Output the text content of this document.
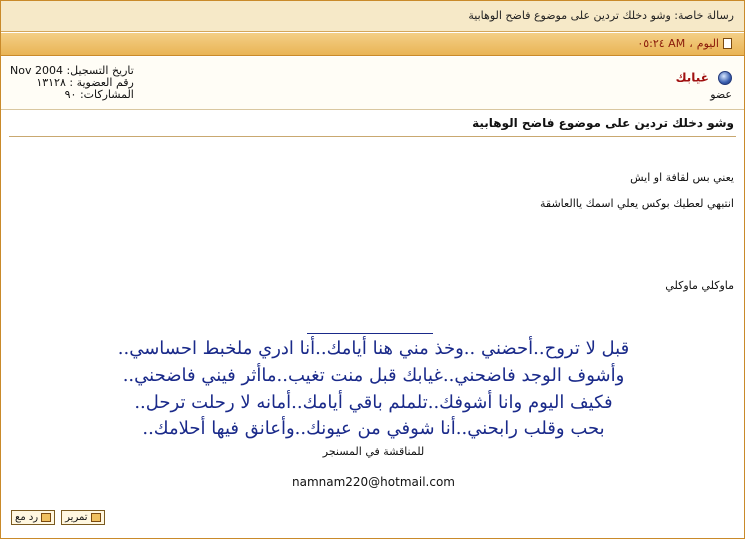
رسالة خاصة: وشو دخلك تردين على موضوع فاضح الوهابية
اليوم
،
٠٥:٢٤ AM
غيابك
عضو
تاريخ التسجيل: Nov 2004
رقم العضوية : ١٣١٢٨
المشاركات: ٩٠
وشو دخلك تردين على موضوع فاضح الوهابية
يعني بس لقافة او ايش
انتبهي لعطيك بوكس يعلي اسمك ياالعاشقة
ماوكلي ماوكلي
قبل لا تروح..أحضني ..وخذ مني هنا أيامك..أنا ادري ملخبط احساسي..
وأشوف الوجد فاضحني..غيابك قبل منت تغيب..ماأثر فيني فاضحني..
فكيف اليوم وانا أشوفك..تلملم باقي أيامك..أمانه لا رحلت ترحل..
بحب وقلب رابحني..أنا شوفي من عيونك..وأعانق فيها أحلامك..
للمناقشة في المسنجر
namnam220@hotmail.com
رد مع	تمرير
